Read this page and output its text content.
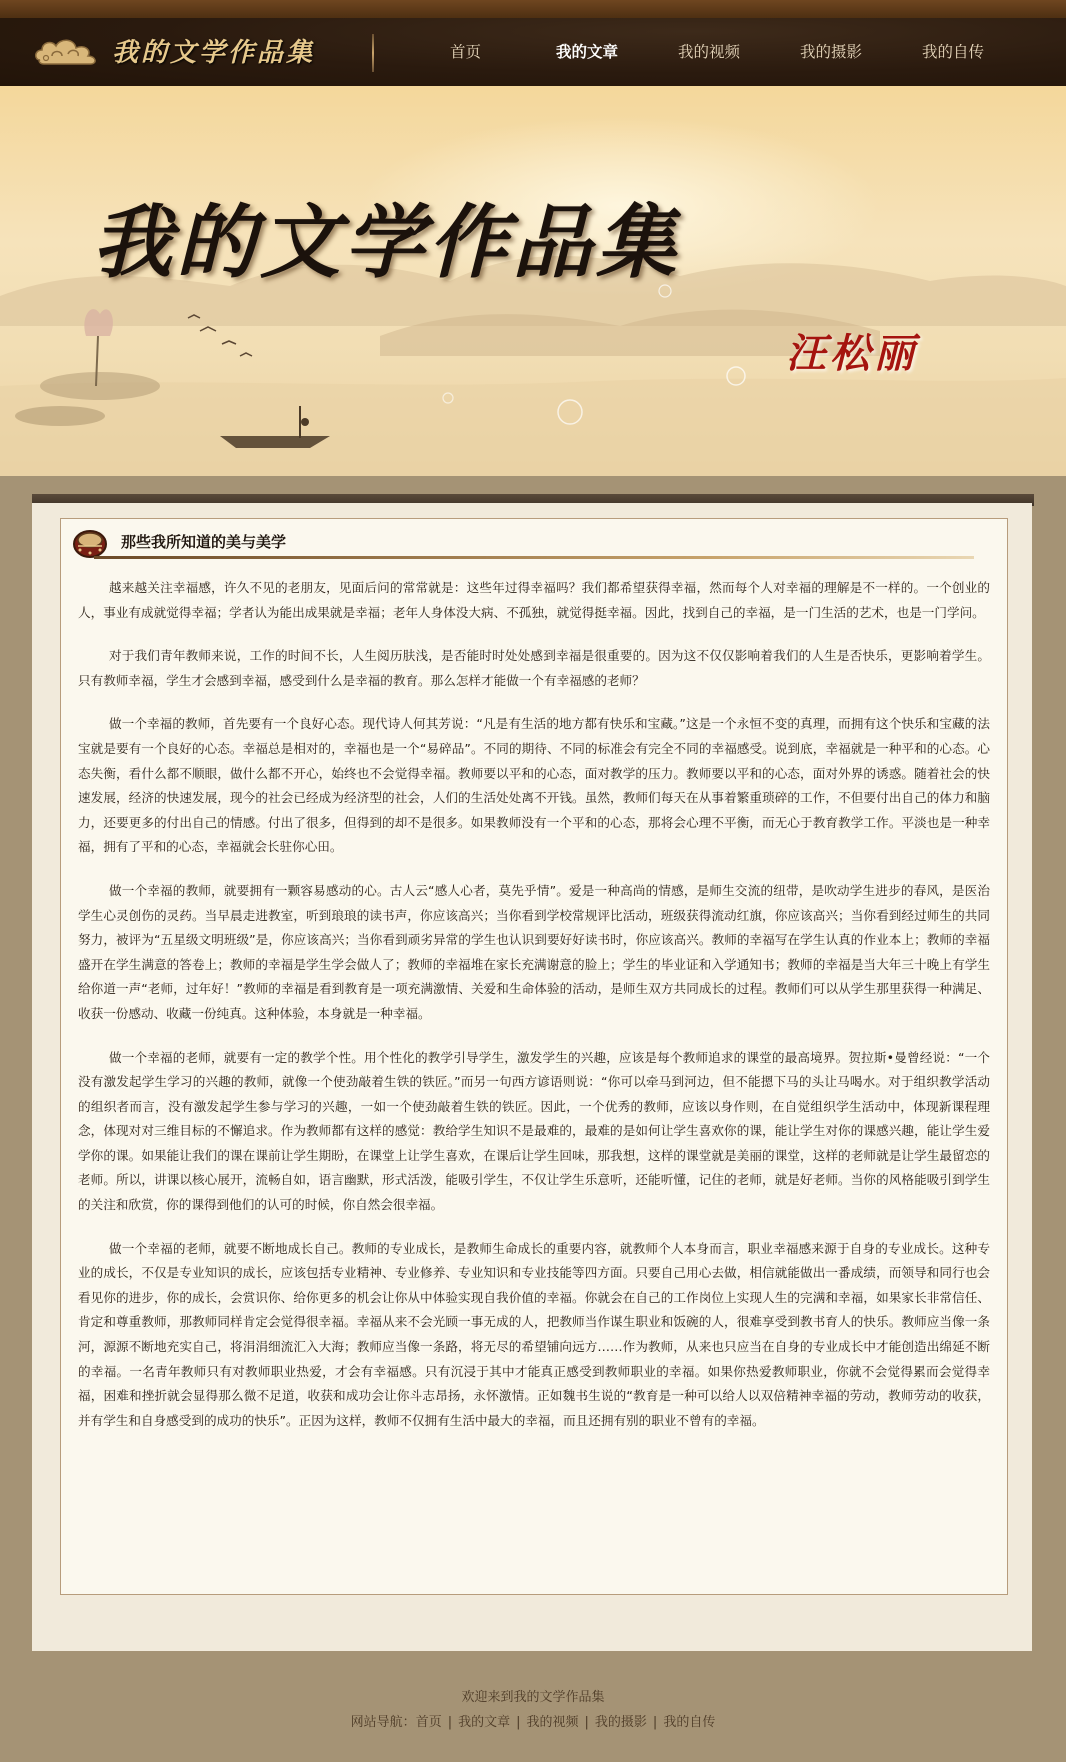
我的文学作品集	首页	我的文章	我的视频	我的摄影	我的自传
我的文学作品集
汪松丽
那些我所知道的美与美学

越来越关注幸福感，许久不见的老朋友，见面后问的常常就是：这些年过得幸福吗？我们都希望获得幸福，然而每个人对幸福的理解是不一样的。一个创业的人，事业有成就觉得幸福；学者认为能出成果就是幸福；老年人身体没大病、不孤独，就觉得挺幸福。因此，找到自己的幸福，是一门生活的艺术，也是一门学问。

对于我们青年教师来说，工作的时间不长，人生阅历肤浅，是否能时时处处感到幸福是很重要的。因为这不仅仅影响着我们的人生是否快乐，更影响着学生。只有教师幸福，学生才会感到幸福，感受到什么是幸福的教育。那么怎样才能做一个有幸福感的老师？

做一个幸福的教师，首先要有一个良好心态。现代诗人何其芳说：“凡是有生活的地方都有快乐和宝藏。”这是一个永恒不变的真理，而拥有这个快乐和宝藏的法宝就是要有一个良好的心态。幸福总是相对的，幸福也是一个“易碎品”。不同的期待、不同的标准会有完全不同的幸福感受。说到底，幸福就是一种平和的心态。心态失衡，看什么都不顺眼，做什么都不开心，始终也不会觉得幸福。教师要以平和的心态，面对教学的压力。教师要以平和的心态，面对外界的诱惑。随着社会的快速发展，经济的快速发展，现今的社会已经成为经济型的社会，人们的生活处处离不开钱。虽然，教师们每天在从事着繁重琐碎的工作，不但要付出自己的体力和脑力，还要更多的付出自己的情感。付出了很多，但得到的却不是很多。如果教师没有一个平和的心态，那将会心理不平衡，而无心于教育教学工作。平淡也是一种幸福，拥有了平和的心态，幸福就会长驻你心田。

做一个幸福的教师，就要拥有一颗容易感动的心。古人云“感人心者，莫先乎情”。爱是一种高尚的情感，是师生交流的纽带，是吹动学生进步的春风，是医治学生心灵创伤的灵药。当早晨走进教室，听到琅琅的读书声，你应该高兴；当你看到学校常规评比活动，班级获得流动红旗，你应该高兴；当你看到经过师生的共同努力，被评为“五星级文明班级”是，你应该高兴；当你看到顽劣异常的学生也认识到要好好读书时，你应该高兴。教师的幸福写在学生认真的作业本上；教师的幸福盛开在学生满意的答卷上；教师的幸福是学生学会做人了；教师的幸福堆在家长充满谢意的脸上；学生的毕业证和入学通知书；教师的幸福是当大年三十晚上有学生给你道一声“老师，过年好！”教师的幸福是看到教育是一项充满激情、关爱和生命体验的活动，是师生双方共同成长的过程。教师们可以从学生那里获得一种满足、收获一份感动、收藏一份纯真。这种体验，本身就是一种幸福。

做一个幸福的老师，就要有一定的教学个性。用个性化的教学引导学生，激发学生的兴趣，应该是每个教师追求的课堂的最高境界。贺拉斯•曼曾经说：“一个没有激发起学生学习的兴趣的教师，就像一个使劲敲着生铁的铁匠。”而另一句西方谚语则说：“你可以牵马到河边，但不能摁下马的头让马喝水。对于组织教学活动的组织者而言，没有激发起学生参与学习的兴趣，一如一个使劲敲着生铁的铁匠。因此，一个优秀的教师，应该以身作则，在自觉组织学生活动中，体现新课程理念，体现对对三维目标的不懈追求。作为教师都有这样的感觉：教给学生知识不是最难的，最难的是如何让学生喜欢你的课，能让学生对你的课感兴趣，能让学生爱学你的课。如果能让我们的课在课前让学生期盼，在课堂上让学生喜欢，在课后让学生回味，那我想，这样的课堂就是美丽的课堂，这样的老师就是让学生最留恋的老师。所以，讲课以核心展开，流畅自如，语言幽默，形式活泼，能吸引学生，不仅让学生乐意听，还能听懂，记住的老师，就是好老师。当你的风格能吸引到学生的关注和欣赏，你的课得到他们的认可的时候，你自然会很幸福。

做一个幸福的老师，就要不断地成长自己。教师的专业成长，是教师生命成长的重要内容，就教师个人本身而言，职业幸福感来源于自身的专业成长。这种专业的成长，不仅是专业知识的成长，应该包括专业精神、专业修养、专业知识和专业技能等四方面。只要自己用心去做，相信就能做出一番成绩，而领导和同行也会看见你的进步，你的成长，会赏识你、给你更多的机会让你从中体验实现自我价值的幸福。你就会在自己的工作岗位上实现人生的完满和幸福，如果家长非常信任、肯定和尊重教师，那教师同样肯定会觉得很幸福。幸福从来不会光顾一事无成的人，把教师当作谋生职业和饭碗的人，很难享受到教书育人的快乐。教师应当像一条河，源源不断地充实自己，将涓涓细流汇入大海；教师应当像一条路，将无尽的希望铺向远方……作为教师，从来也只应当在自身的专业成长中才能创造出绵延不断的幸福。一名青年教师只有对教师职业热爱，才会有幸福感。只有沉浸于其中才能真正感受到教师职业的幸福。如果你热爱教师职业，你就不会觉得累而会觉得幸福，困难和挫折就会显得那么微不足道，收获和成功会让你斗志昂扬，永怀激情。正如魏书生说的“教育是一种可以给人以双倍精神幸福的劳动，教师劳动的收获，并有学生和自身感受到的成功的快乐”。正因为这样，教师不仅拥有生活中最大的幸福，而且还拥有别的职业不曾有的幸福。

欢迎来到我的文学作品集
网站导航：首页 | 我的文章 | 我的视频 | 我的摄影 | 我的自传
